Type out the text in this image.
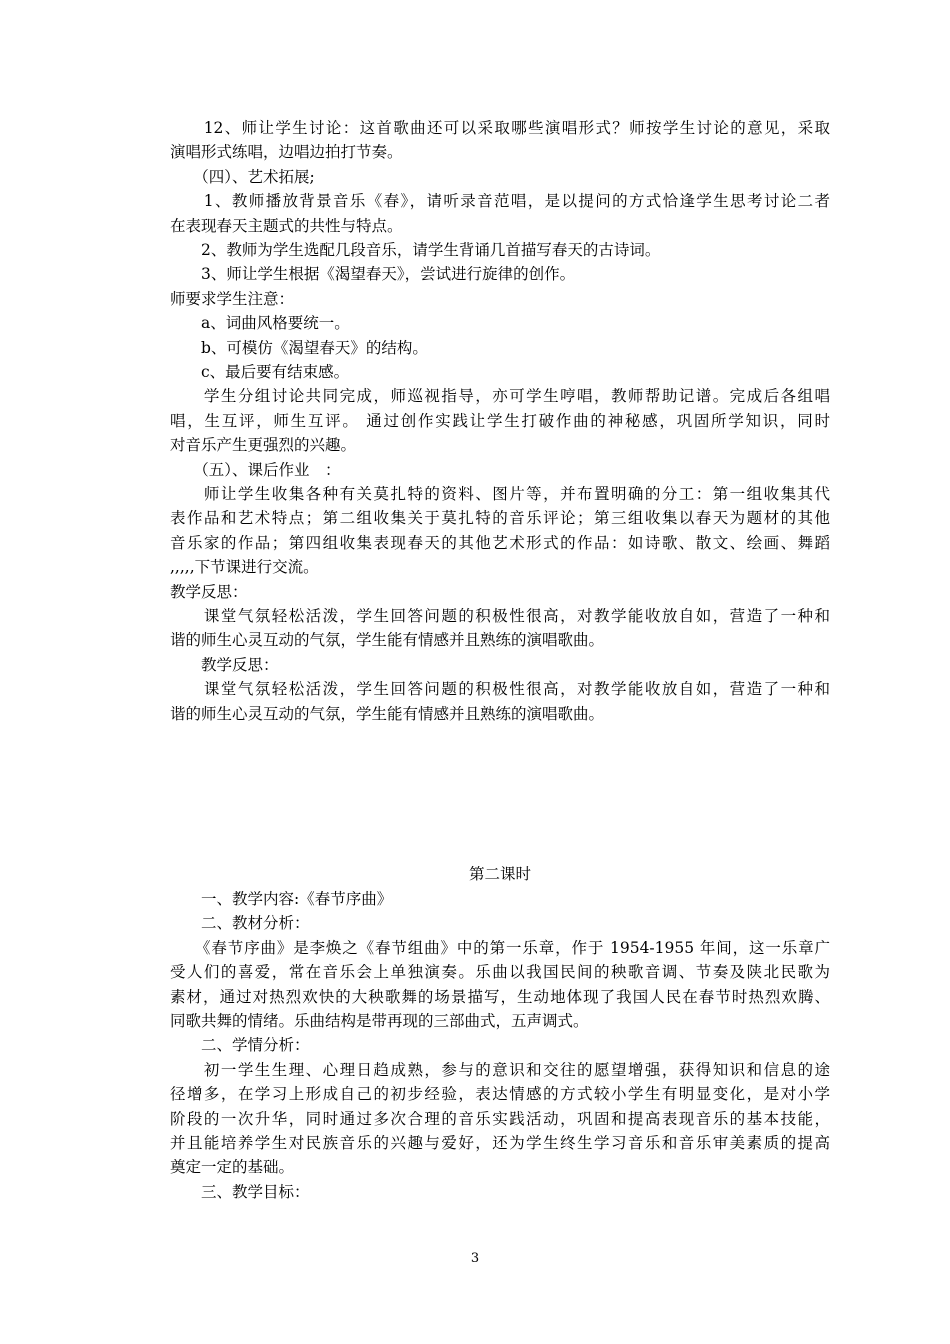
　　12、师让学生讨论：这首歌曲还可以采取哪些演唱形式？师按学生讨论的意见，采取
演唱形式练唱，边唱边拍打节奏。
　　（四）、艺术拓展;
　　1、教师播放背景音乐《春》，请听录音范唱，是以提问的方式恰逢学生思考讨论二者
在表现春天主题式的共性与特点。
　　2、教师为学生选配几段音乐，请学生背诵几首描写春天的古诗词。
　　3、师让学生根据《渴望春天》，尝试进行旋律的创作。
师要求学生注意：
　　a、词曲风格要统一。
　　b、可模仿《渴望春天》的结构。
　　c、最后要有结束感。
　　学生分组讨论共同完成，师巡视指导，亦可学生哼唱，教师帮助记谱。完成后各组唱
唱，生互评，师生互评。 通过创作实践让学生打破作曲的神秘感，巩固所学知识，同时
对音乐产生更强烈的兴趣。
　　（五）、课后作业　：
　　师让学生收集各种有关莫扎特的资料、图片等，并布置明确的分工：第一组收集其代
表作品和艺术特点；第二组收集关于莫扎特的音乐评论；第三组收集以春天为题材的其他
音乐家的作品；第四组收集表现春天的其他艺术形式的作品：如诗歌、散文、绘画、舞蹈
,,,,,下节课进行交流。
教学反思：
　　课堂气氛轻松活泼，学生回答问题的积极性很高，对教学能收放自如，营造了一种和
谐的师生心灵互动的气氛，学生能有情感并且熟练的演唱歌曲。
　　教学反思：
　　课堂气氛轻松活泼，学生回答问题的积极性很高，对教学能收放自如，营造了一种和
谐的师生心灵互动的气氛，学生能有情感并且熟练的演唱歌曲。
第二课时
　　一、教学内容:《春节序曲》
　　二、教材分析：
　　《春节序曲》是李焕之《春节组曲》中的第一乐章，作于 1954-1955 年间，这一乐章广
受人们的喜爱，常在音乐会上单独演奏。乐曲以我国民间的秧歌音调、节奏及陕北民歌为
素材，通过对热烈欢快的大秧歌舞的场景描写，生动地体现了我国人民在春节时热烈欢腾、
同歌共舞的情绪。乐曲结构是带再现的三部曲式，五声调式。
　　二、学情分析：
　　初一学生生理、心理日趋成熟，参与的意识和交往的愿望增强，获得知识和信息的途
径增多，在学习上形成自己的初步经验，表达情感的方式较小学生有明显变化，是对小学
阶段的一次升华，同时通过多次合理的音乐实践活动，巩固和提高表现音乐的基本技能，
并且能培养学生对民族音乐的兴趣与爱好，还为学生终生学习音乐和音乐审美素质的提高
奠定一定的基础。
　　三、教学目标：
3
